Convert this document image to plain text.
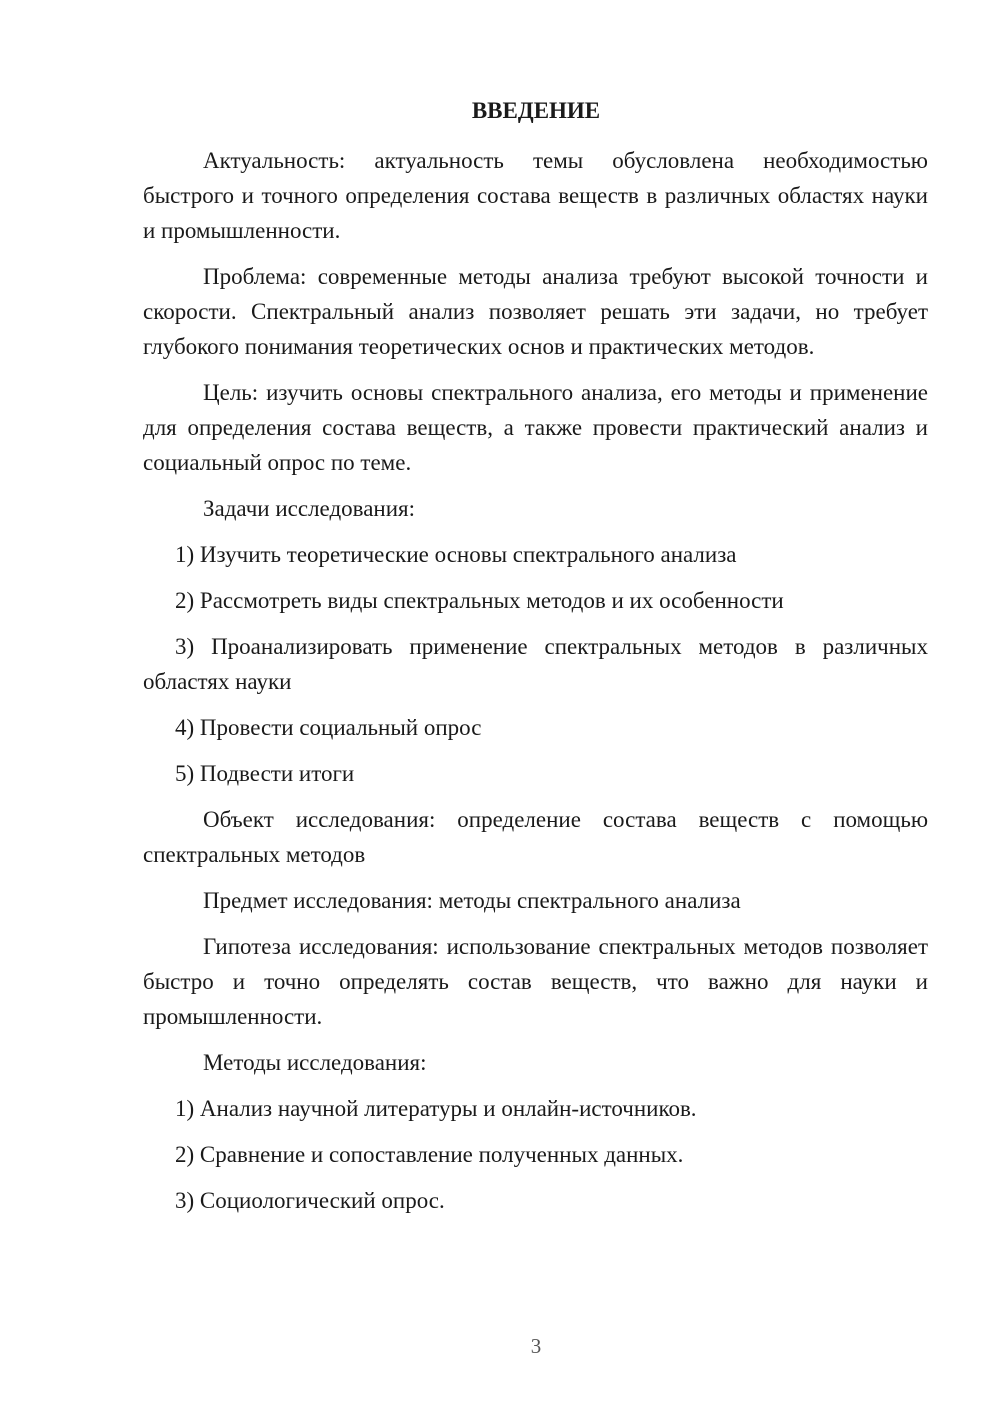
ВВЕДЕНИЕ

Актуальность: актуальность темы обусловлена необходимостью быстрого и точного определения состава веществ в различных областях науки и промышленности.

Проблема: современные методы анализа требуют высокой точности и скорости. Спектральный анализ позволяет решать эти задачи, но требует глубокого понимания теоретических основ и практических методов.

Цель: изучить основы спектрального анализа, его методы и применение для определения состава веществ, а также провести практический анализ и социальный опрос по теме.

Задачи исследования:

1) Изучить теоретические основы спектрального анализа

2) Рассмотреть виды спектральных методов и их особенности

3) Проанализировать применение спектральных методов в различных областях науки

4) Провести социальный опрос

5) Подвести итоги

Объект исследования: определение состава веществ с помощью спектральных методов

Предмет исследования: методы спектрального анализа

Гипотеза исследования: использование спектральных методов позволяет быстро и точно определять состав веществ, что важно для науки и промышленности.

Методы исследования:

1) Анализ научной литературы и онлайн-источников.

2) Сравнение и сопоставление полученных данных.

3) Социологический опрос.

3
